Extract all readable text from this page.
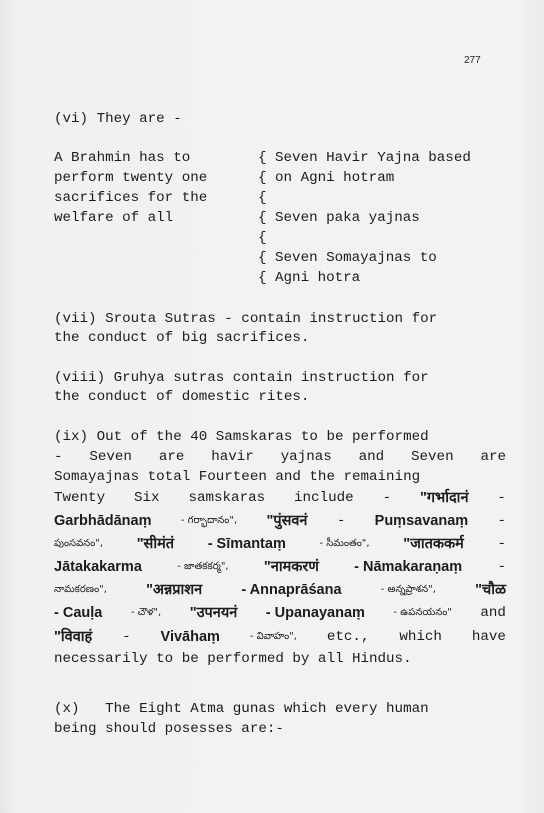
277
(vi) They are -
A Brahmin has to
perform twenty one
sacrifices for the
welfare of all
{ Seven Havir Yajna based
{ on Agni hotram
{
{ Seven paka yajnas
{
{ Seven Somayajnas to
{ Agni hotra
(vii) Srouta Sutras - contain instruction for
the conduct of big sacrifices.
(viii) Gruhya sutras contain instruction for
the conduct of domestic rites.
(ix) Out of the 40 Samskaras to be performed
- Seven are havir yajnas and Seven are
Somayajnas total Fourteen and the remaining
Twenty Six samskaras include - "गर्भादानं -
Garbhādānaṃ	- గర్భాదానం", "पुंसवनं - Puṃsavanaṃ -
పుంసవనం", "सीमंतं - Sīmantaṃ	- సీమంతం", "जातककर्म -
Jātakakarma	- జాతకకర్మ", "नामकरणं - Nāmakaraṇaṃ -
నామకరణం",	"अन्नप्राशन	- Annaprāśana	- అన్నప్రాశన",	"चौळ
- Cauḷa	- చౌళ", "उपनयनं - Upanayanaṃ	- ఉపనయనం" and
"विवाहं - Vivāhaṃ	- వివాహం", etc., which have
necessarily to be performed by all Hindus.
(x)   The Eight Atma gunas which every human
being should posesses are:-
